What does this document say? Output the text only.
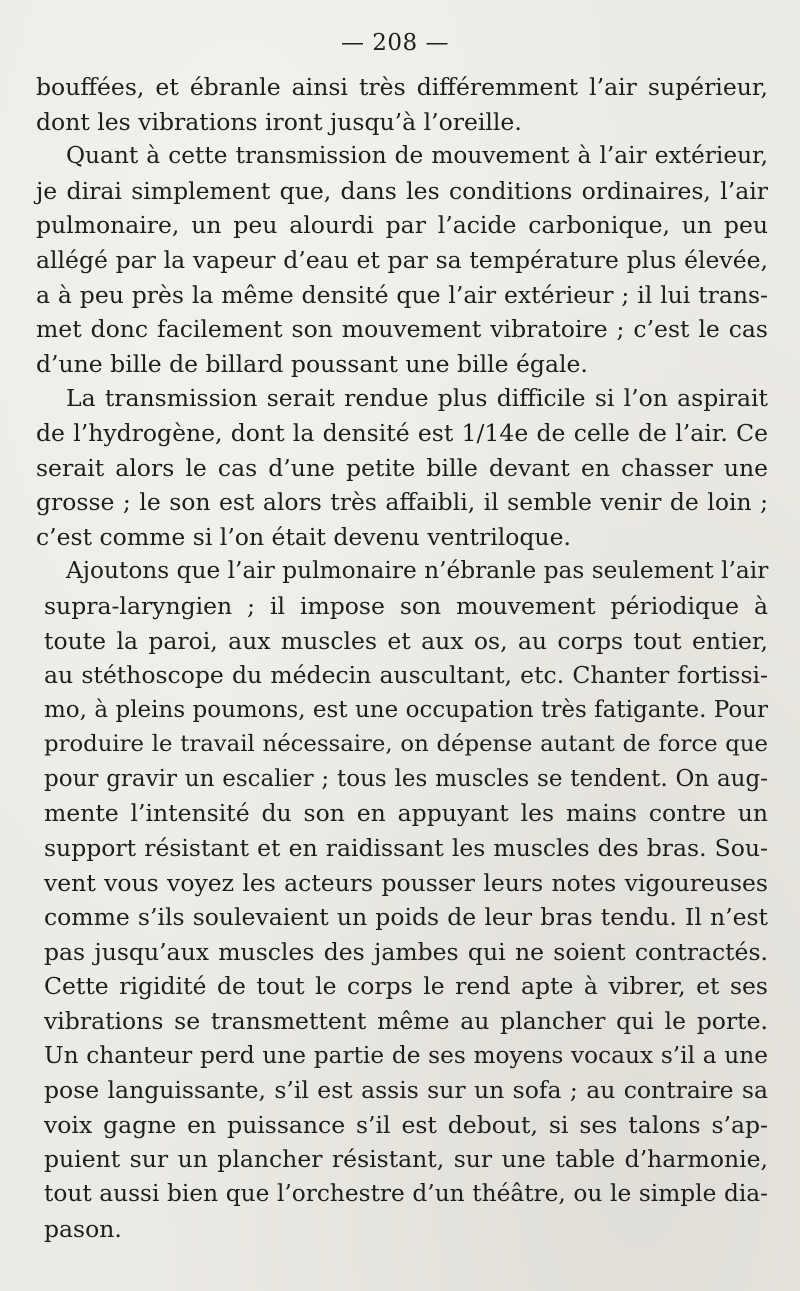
— 208 —
bouffées, et ébranle ainsi très différemment l’air supérieur,
dont les vibrations iront jusqu’à l’oreille.
Quant à cette transmission de mouvement à l’air extérieur,
je dirai simplement que, dans les conditions ordinaires, l’air
pulmonaire, un peu alourdi par l’acide carbonique, un peu
allégé par la vapeur d’eau et par sa température plus élevée,
a à peu près la même densité que l’air extérieur ; il lui trans-
met donc facilement son mouvement vibratoire ; c’est le cas
d’une bille de billard poussant une bille égale.
La transmission serait rendue plus difficile si l’on aspirait
de l’hydrogène, dont la densité est 1/14e de celle de l’air. Ce
serait alors le cas d’une petite bille devant en chasser une
grosse ; le son est alors très affaibli, il semble venir de loin ;
c’est comme si l’on était devenu ventriloque.
Ajoutons que l’air pulmonaire n’ébranle pas seulement l’air
supra-laryngien ; il impose son mouvement périodique à
toute la paroi, aux muscles et aux os, au corps tout entier,
au stéthoscope du médecin auscultant, etc. Chanter fortissi-
mo, à pleins poumons, est une occupation très fatigante. Pour
produire le travail nécessaire, on dépense autant de force que
pour gravir un escalier ; tous les muscles se tendent. On aug-
mente l’intensité du son en appuyant les mains contre un
support résistant et en raidissant les muscles des bras. Sou-
vent vous voyez les acteurs pousser leurs notes vigoureuses
comme s’ils soulevaient un poids de leur bras tendu. Il n’est
pas jusqu’aux muscles des jambes qui ne soient contractés.
Cette rigidité de tout le corps le rend apte à vibrer, et ses
vibrations se transmettent même au plancher qui le porte.
Un chanteur perd une partie de ses moyens vocaux s’il a une
pose languissante, s’il est assis sur un sofa ; au contraire sa
voix gagne en puissance s’il est debout, si ses talons s’ap-
puient sur un plancher résistant, sur une table d’harmonie,
tout aussi bien que l’orchestre d’un théâtre, ou le simple dia-
pason.
